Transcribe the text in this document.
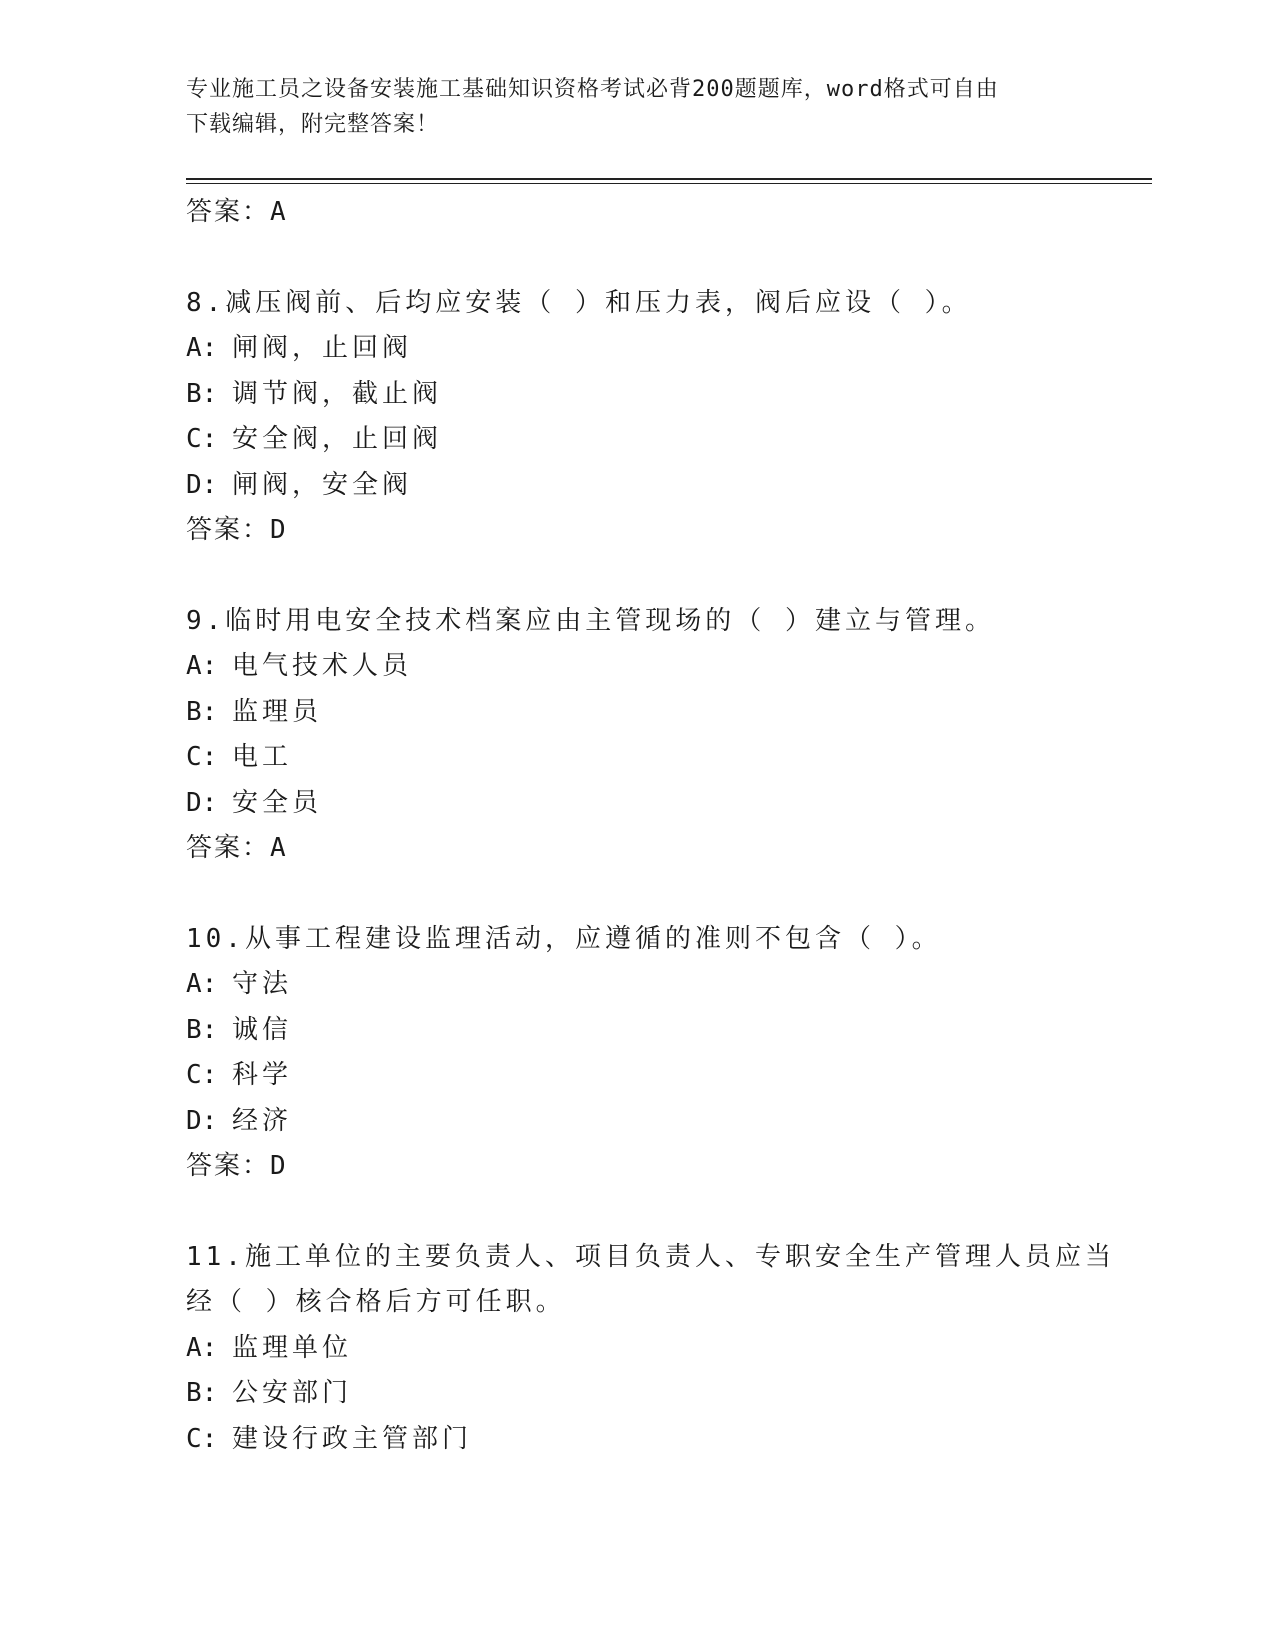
专业施工员之设备安装施工基础知识资格考试必背200题题库，word格式可自由
下载编辑，附完整答案！
答案：A
8.减压阀前、后均应安装（ ）和压力表，阀后应设（ ）。
A: 闸阀，止回阀
B: 调节阀，截止阀
C: 安全阀，止回阀
D: 闸阀，安全阀
答案：D
9.临时用电安全技术档案应由主管现场的（ ）建立与管理。
A: 电气技术人员
B: 监理员
C: 电工
D: 安全员
答案：A
10.从事工程建设监理活动，应遵循的准则不包含（ ）。
A: 守法
B: 诚信
C: 科学
D: 经济
答案：D
11.施工单位的主要负责人、项目负责人、专职安全生产管理人员应当
经（ ）核合格后方可任职。
A: 监理单位
B: 公安部门
C: 建设行政主管部门
